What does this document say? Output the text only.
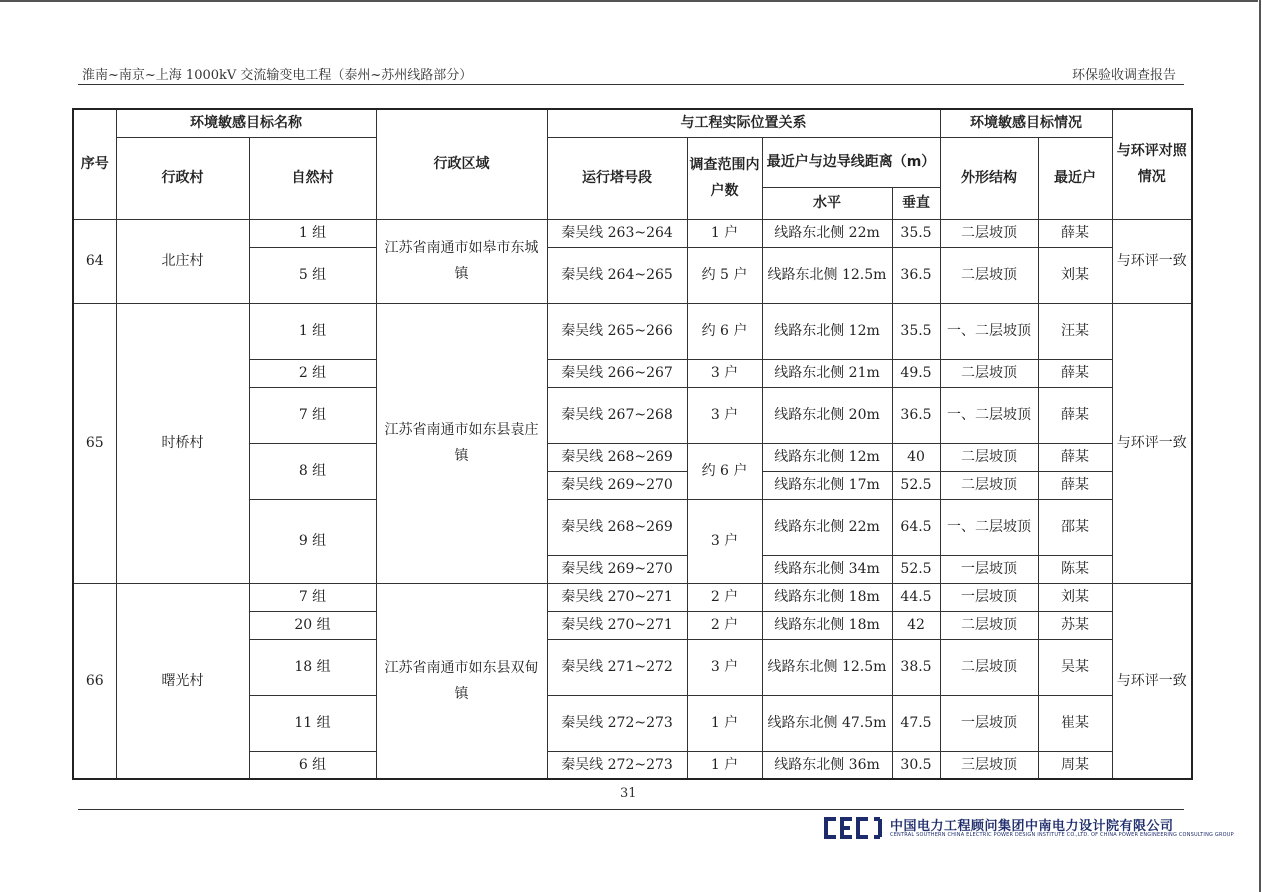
淮南~南京~上海 1000kV 交流输变电工程（泰州~苏州线路部分）	环保验收调查报告
序号	环境敏感目标名称		行政区域	与工程实际位置关系				环境敏感目标情况		与环评对照情况
	行政村	自然村		运行塔号段	调查范围内户数	最近户与边导线距离（m）		外形结构	最近户	
						水平	垂直			
64	北庄村	1 组	江苏省南通市如皋市东城镇	秦吴线 263~264	1 户	线路东北侧 22m	35.5	二层坡顶	薛某	与环评一致
		5 组		秦吴线 264~265	约 5 户	线路东北侧 12.5m	36.5	二层坡顶	刘某	
65	时桥村	1 组	江苏省南通市如东县袁庄镇	秦吴线 265~266	约 6 户	线路东北侧 12m	35.5	一、二层坡顶	汪某	与环评一致
		2 组		秦吴线 266~267	3 户	线路东北侧 21m	49.5	二层坡顶	薛某	
		7 组		秦吴线 267~268	3 户	线路东北侧 20m	36.5	一、二层坡顶	薛某	
		8 组		秦吴线 268~269	约 6 户	线路东北侧 12m	40	二层坡顶	薛某	
				秦吴线 269~270		线路东北侧 17m	52.5	二层坡顶	薛某	
		9 组		秦吴线 268~269	3 户	线路东北侧 22m	64.5	一、二层坡顶	邵某	
				秦吴线 269~270		线路东北侧 34m	52.5	一层坡顶	陈某	
66	曙光村	7 组	江苏省南通市如东县双甸镇	秦吴线 270~271	2 户	线路东北侧 18m	44.5	一层坡顶	刘某	与环评一致
		20 组		秦吴线 270~271	2 户	线路东北侧 18m	42	二层坡顶	苏某	
		18 组		秦吴线 271~272	3 户	线路东北侧 12.5m	38.5	二层坡顶	吴某	
		11 组		秦吴线 272~273	1 户	线路东北侧 47.5m	47.5	一层坡顶	崔某	
		6 组		秦吴线 272~273	1 户	线路东北侧 36m	30.5	三层坡顶	周某	
31
中国电力工程顾问集团中南电力设计院有限公司
CENTRAL SOUTHERN CHINA ELECTRIC POWER DESIGN INSTITUTE CO.,LTD. OF CHINA POWER ENGINEERING CONSULTING GROUP
